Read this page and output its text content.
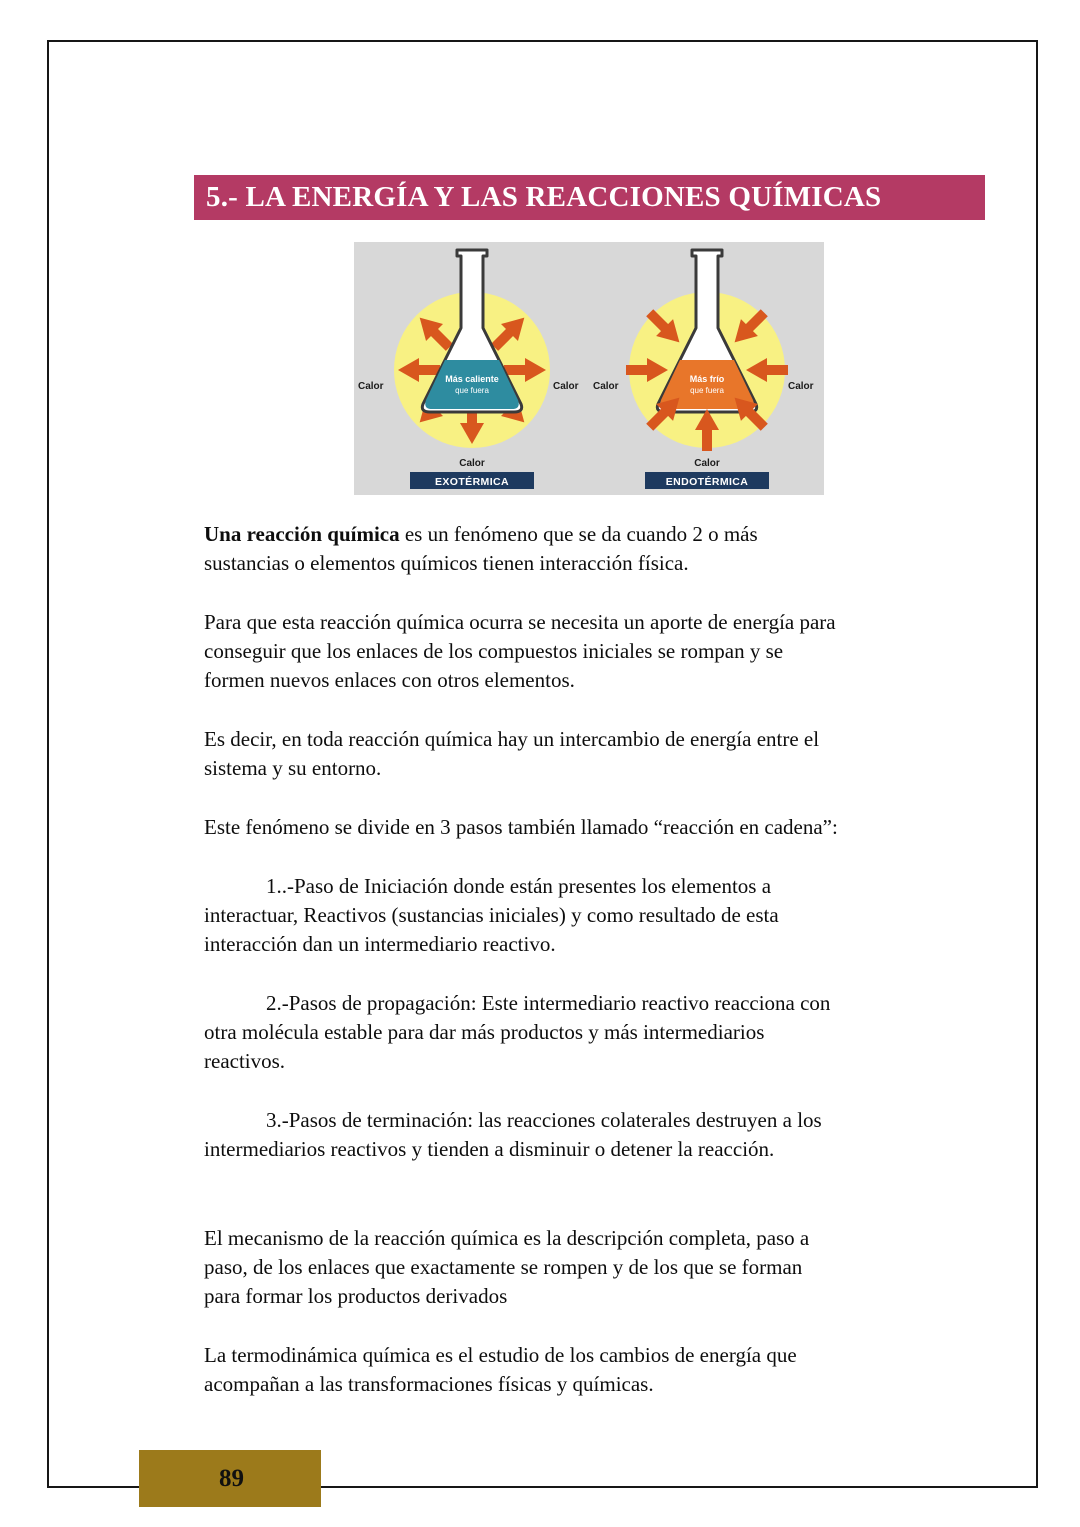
5.- LA ENERGÍA Y LAS REACCIONES QUÍMICAS
Más caliente
que fuera
Calor	Calor
Calor
EXOTÉRMICA
Más frío
que fuera
Calor	Calor
Calor
ENDOTÉRMICA

Una reacción química es un fenómeno que se da cuando 2 o más
sustancias o elementos químicos tienen interacción física.

Para que esta reacción química ocurra se necesita un aporte de energía para
conseguir que los enlaces de los compuestos iniciales se rompan y se
formen nuevos enlaces con otros elementos.

Es decir, en toda reacción química hay un intercambio de energía entre el
sistema y su entorno.

Este fenómeno se divide en 3 pasos también llamado “reacción en cadena”:

1..-Paso de Iniciación donde están presentes los elementos a
interactuar, Reactivos (sustancias iniciales) y como resultado de esta
interacción dan un intermediario reactivo.

2.-Pasos de propagación: Este intermediario reactivo reacciona con
otra molécula estable para dar más productos y más intermediarios
reactivos.

3.-Pasos de terminación: las reacciones colaterales destruyen a los
intermediarios reactivos y tienden a disminuir o detener la reacción.

El mecanismo de la reacción química es la descripción completa, paso a
paso, de los enlaces que exactamente se rompen y de los que se forman
para formar los productos derivados

La termodinámica química es el estudio de los cambios de energía que
acompañan a las transformaciones físicas y químicas.

89
